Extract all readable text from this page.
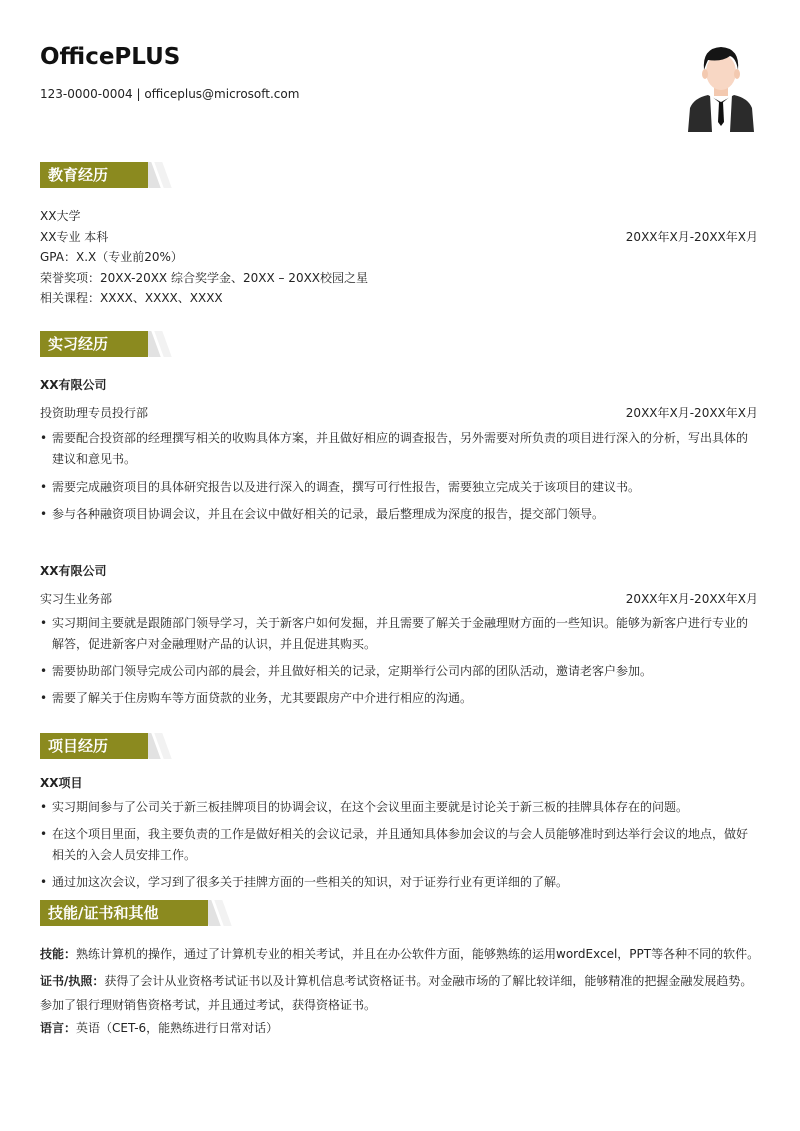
OfficePLUS
123-0000-0004 | officeplus@microsoft.com
教育经历
XX大学
XX专业 本科	20XX年X月-20XX年X月
GPA：X.X（专业前20%）
荣誉奖项：20XX-20XX 综合奖学金、20XX – 20XX校园之星
相关课程：XXXX、XXXX、XXXX
实习经历
XX有限公司
投资助理专员投行部	20XX年X月-20XX年X月
• 需要配合投资部的经理撰写相关的收购具体方案，并且做好相应的调查报告，另外需要对所负责的项目进行深入的分析，写出具体的建议和意见书。
• 需要完成融资项目的具体研究报告以及进行深入的调查，撰写可行性报告，需要独立完成关于该项目的建议书。
• 参与各种融资项目协调会议，并且在会议中做好相关的记录，最后整理成为深度的报告，提交部门领导。
XX有限公司
实习生业务部	20XX年X月-20XX年X月
• 实习期间主要就是跟随部门领导学习，关于新客户如何发掘，并且需要了解关于金融理财方面的一些知识。能够为新客户进行专业的解答，促进新客户对金融理财产品的认识，并且促进其购买。
• 需要协助部门领导完成公司内部的晨会，并且做好相关的记录，定期举行公司内部的团队活动，邀请老客户参加。
• 需要了解关于住房购车等方面贷款的业务，尤其要跟房产中介进行相应的沟通。
项目经历
XX项目
• 实习期间参与了公司关于新三板挂牌项目的协调会议，在这个会议里面主要就是讨论关于新三板的挂牌具体存在的问题。
• 在这个项目里面，我主要负责的工作是做好相关的会议记录，并且通知具体参加会议的与会人员能够准时到达举行会议的地点，做好相关的入会人员安排工作。
• 通过加这次会议，学习到了很多关于挂牌方面的一些相关的知识，对于证券行业有更详细的了解。
技能/证书和其他
技能：熟练计算机的操作，通过了计算机专业的相关考试，并且在办公软件方面，能够熟练的运用wordExcel，PPT等各种不同的软件。
证书/执照：获得了会计从业资格考试证书以及计算机信息考试资格证书。对金融市场的了解比较详细，能够精准的把握金融发展趋势。参加了银行理财销售资格考试，并且通过考试，获得资格证书。
语言：英语（CET-6，能熟练进行日常对话）
